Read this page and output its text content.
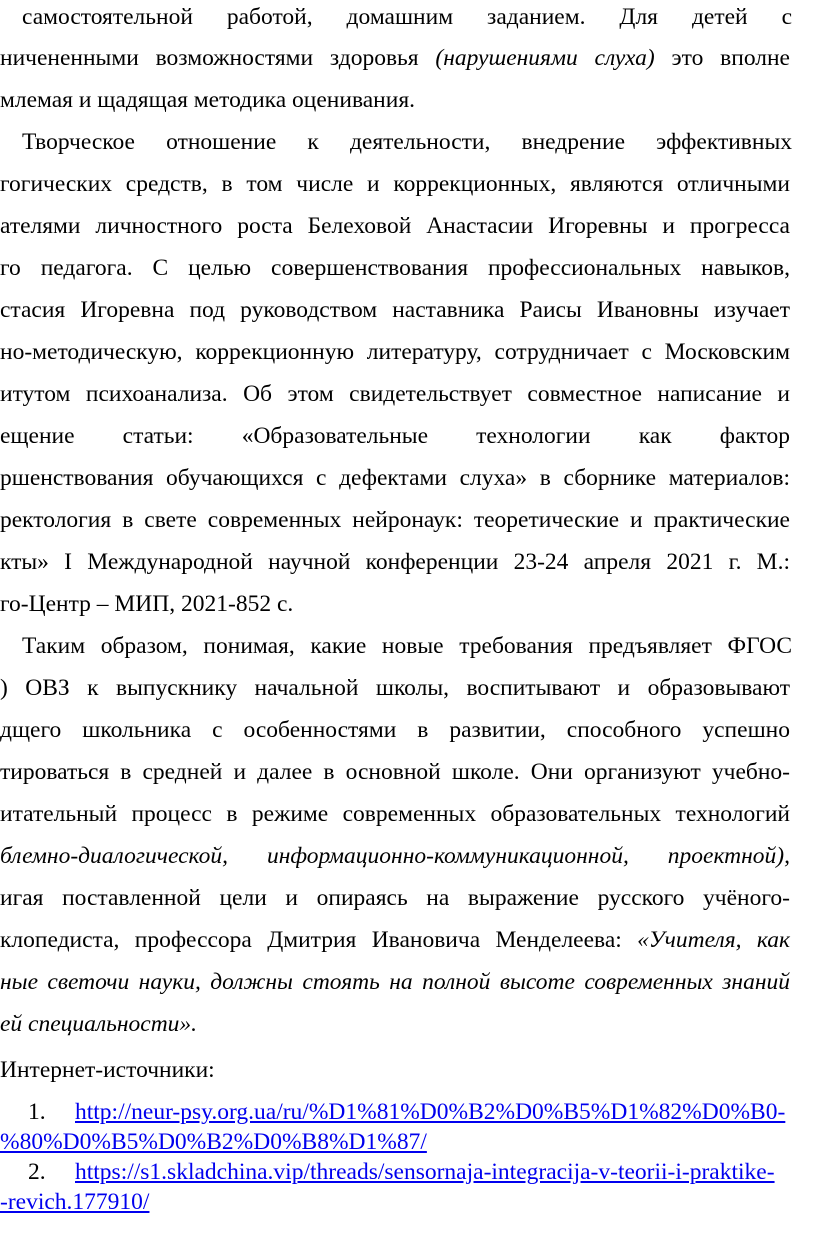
самостоятельной работой, домашним заданием. Для детей с
ничененными возможностями здоровья (нарушениями слуха) это вполне
млемая и щадящая методика оценивания.
Творческое отношение к деятельности, внедрение эффективных
гогических средств, в том числе и коррекционных, являются отличными
ателями личностного роста Белеховой Анастасии Игоревны и прогресса
го педагога. С целью совершенствования профессиональных навыков,
стасия Игоревна под руководством наставника Раисы Ивановны изучает
но-методическую, коррекционную литературу, сотрудничает с Московским
итутом психоанализа. Об этом свидетельствует совместное написание и
ещение статьи: «Образовательные технологии как фактор
ршенствования обучающихся с дефектами слуха» в сборнике материалов:
ректология в свете современных нейронаук: теоретические и практические
кты» I Международной научной конференции 23-24 апреля 2021 г. М.:
го-Центр – МИП, 2021-852 с.
Таким образом, понимая, какие новые требования предъявляет ФГОС
) ОВЗ к выпускнику начальной школы, воспитывают и образовывают
дщего школьника с особенностями в развитии, способного успешно
тироваться в средней и далее в основной школе. Они организуют учебно-
итательный процесс в режиме современных образовательных технологий
блемно-диалогической, информационно-коммуникационной, проектной),
игая поставленной цели и опираясь на выражение русского учёного-
клопедиста, профессора Дмитрия Ивановича Менделеева: «Учителя, как
ные светочи науки, должны стоять на полной высоте современных знаний
ей специальности».
Интернет-источники:
1. http://neur-psy.org.ua/ru/%D1%81%D0%B2%D0%B5%D1%82%D0%B0-
%80%D0%B5%D0%B2%D0%B8%D1%87/
2. https://s1.skladchina.vip/threads/sensornaja-integracija-v-teorii-i-praktike-
-revich.177910/
